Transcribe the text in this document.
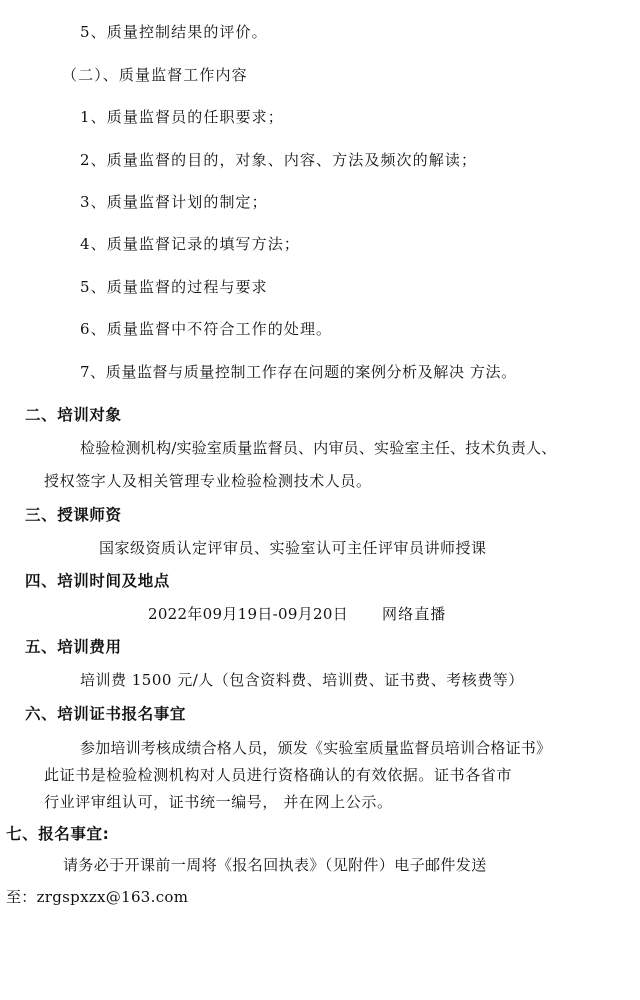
5、质量控制结果的评价。
（二）、质量监督工作内容
1、质量监督员的任职要求；
2、质量监督的目的，对象、内容、方法及频次的解读；
3、质量监督计划的制定；
4、质量监督记录的填写方法；
5、质量监督的过程与要求
6、质量监督中不符合工作的处理。
7、质量监督与质量控制工作存在问题的案例分析及解决 方法。
二、培训对象
检验检测机构/实验室质量监督员、内审员、实验室主任、技术负责人、
授权签字人及相关管理专业检验检测技术人员。
三、授课师资
国家级资质认定评审员、实验室认可主任评审员讲师授课
四、培训时间及地点
2022年09月19日-09月20日 网络直播
五、培训费用
培训费 1500 元/人（包含资料费、培训费、证书费、考核费等）
六、培训证书报名事宜
参加培训考核成绩合格人员，颁发《实验室质量监督员培训合格证书》
此证书是检验检测机构对人员进行资格确认的有效依据。证书各省市
行业评审组认可，证书统一编号， 并在网上公示。
七、报名事宜:
请务必于开课前一周将《报名回执表》（见附件）电子邮件发送
至：zrgspxzx@163.com
